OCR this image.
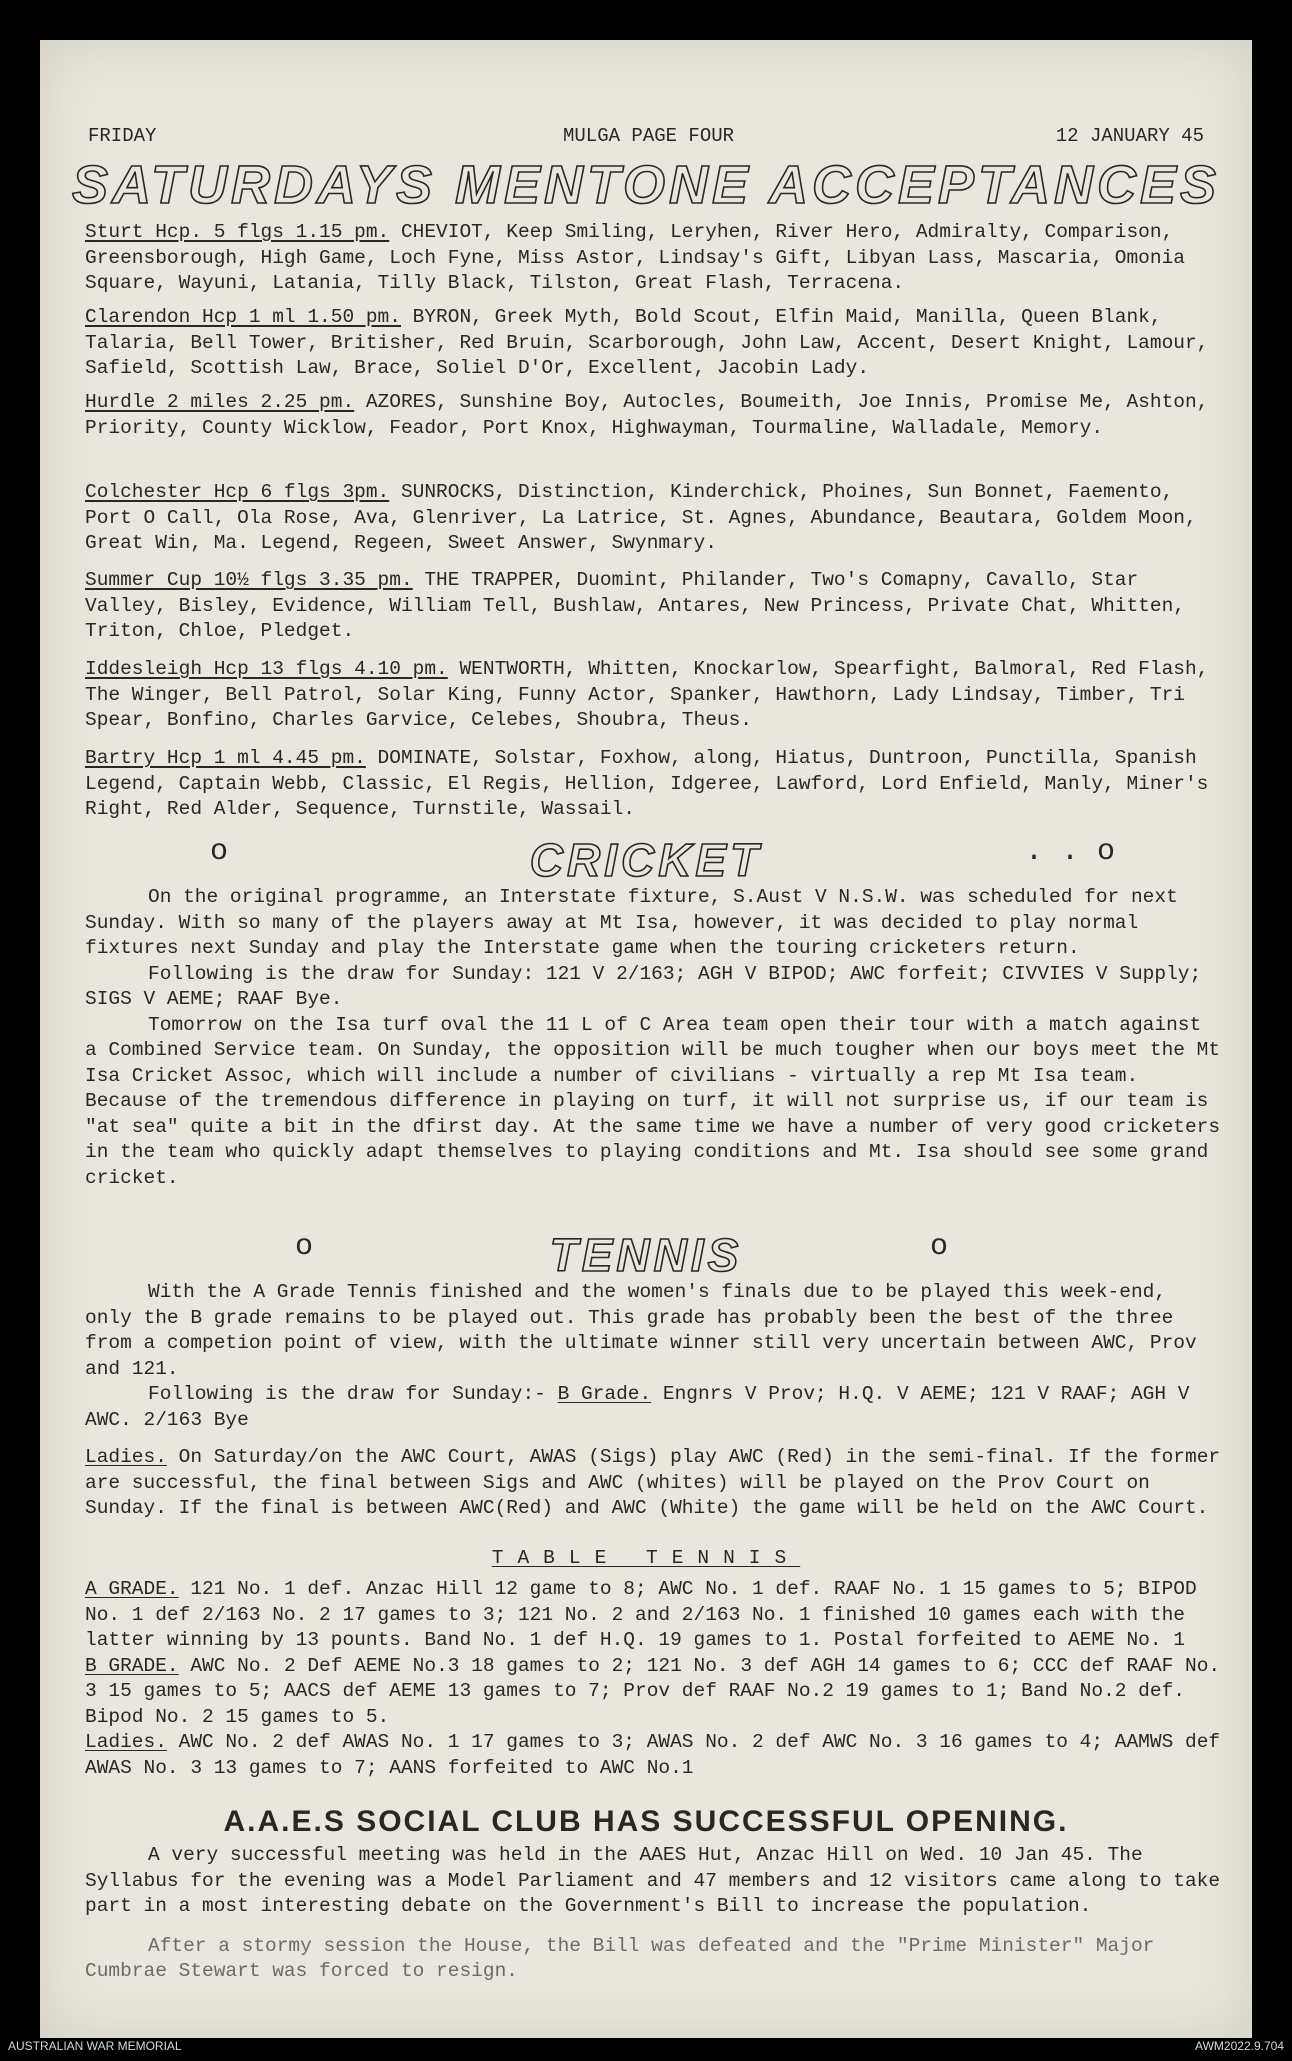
FRIDAY	MULGA PAGE FOUR	12 JANUARY 45
SATURDAYS MENTONE ACCEPTANCES
Sturt Hcp. 5 flgs 1.15 pm. CHEVIOT, Keep Smiling, Leryhen, River Hero, Admiralty, Comparison, Greensborough, High Game, Loch Fyne, Miss Astor, Lindsay's Gift, Libyan Lass, Mascaria, Omonia Square, Wayuni, Latania, Tilly Black, Tilston, Great Flash, Terracena.
Clarendon Hcp 1 ml 1.50 pm. BYRON, Greek Myth, Bold Scout, Elfin Maid, Manilla, Queen Blank, Talaria, Bell Tower, Britisher, Red Bruin, Scarborough, John Law, Accent, Desert Knight, Lamour, Safield, Scottish Law, Brace, Soliel D'Or, Excellent, Jacobin Lady.
Hurdle 2 miles 2.25 pm. AZORES, Sunshine Boy, Autocles, Boumeith, Joe Innis, Promise Me, Ashton, Priority, County Wicklow, Feador, Port Knox, Highwayman, Tourmaline, Walladale, Memory.
Colchester Hcp 6 flgs 3pm. SUNROCKS, Distinction, Kinderchick, Phoines, Sun Bonnet, Faemento, Port O Call, Ola Rose, Ava, Glenriver, La Latrice, St. Agnes, Abundance, Beautara, Goldem Moon, Great Win, Ma. Legend, Regeen, Sweet Answer, Swynmary.
Summer Cup 10½ flgs 3.35 pm. THE TRAPPER, Duomint, Philander, Two's Comapny, Cavallo, Star Valley, Bisley, Evidence, William Tell, Bushlaw, Antares, New Princess, Private Chat, Whitten, Triton, Chloe, Pledget.
Iddesleigh Hcp 13 flgs 4.10 pm. WENTWORTH, Whitten, Knockarlow, Spearfight, Balmoral, Red Flash, The Winger, Bell Patrol, Solar King, Funny Actor, Spanker, Hawthorn, Lady Lindsay, Timber, Tri Spear, Bonfino, Charles Garvice, Celebes, Shoubra, Theus.
Bartry Hcp 1 ml 4.45 pm. DOMINATE, Solstar, Foxhow, along, Hiatus, Duntroon, Punctilla, Spanish Legend, Captain Webb, Classic, El Regis, Hellion, Idgeree, Lawford, Lord Enfield, Manly, Miner's Right, Red Alder, Sequence, Turnstile, Wassail.
o	CRICKET	. . o

On the original programme, an Interstate fixture, S.Aust V N.S.W. was scheduled for next Sunday. With so many of the players away at Mt Isa, however, it was decided to play normal fixtures next Sunday and play the Interstate game when the touring cricketers return.

Following is the draw for Sunday: 121 V 2/163; AGH V BIPOD; AWC forfeit; CIVVIES V Supply; SIGS V AEME; RAAF Bye.

Tomorrow on the Isa turf oval the 11 L of C Area team open their tour with a match against a Combined Service team. On Sunday, the opposition will be much tougher when our boys meet the Mt Isa Cricket Assoc, which will include a number of civilians - virtually a rep Mt Isa team. Because of the tremendous difference in playing on turf, it will not surprise us, if our team is "at sea" quite a bit in the dfirst day. At the same time we have a number of very good cricketers in the team who quickly adapt themselves to playing conditions and Mt. Isa should see some grand cricket.

o	TENNIS	o

With the A Grade Tennis finished and the women's finals due to be played this week-end, only the B grade remains to be played out. This grade has probably been the best of the three from a competion point of view, with the ultimate winner still very uncertain between AWC, Prov and 121.

Following is the draw for Sunday:- B Grade. Engnrs V Prov; H.Q. V AEME; 121 V RAAF; AGH V AWC. 2/163 Bye

Ladies. On Saturday/on the AWC Court, AWAS (Sigs) play AWC (Red) in the semi-final. If the former are successful, the final between Sigs and AWC (whites) will be played on the Prov Court on Sunday. If the final is between AWC(Red) and AWC (White) the game will be held on the AWC Court.

TABLE TENNIS

A GRADE. 121 No. 1 def. Anzac Hill 12 game to 8; AWC No. 1 def. RAAF No. 1 15 games to 5; BIPOD No. 1 def 2/163 No. 2 17 games to 3; 121 No. 2 and 2/163 No. 1 finished 10 games each with the latter winning by 13 pounts. Band No. 1 def H.Q. 19 games to 1. Postal forfeited to AEME No. 1

B GRADE. AWC No. 2 Def AEME No.3 18 games to 2; 121 No. 3 def AGH 14 games to 6; CCC def RAAF No. 3 15 games to 5; AACS def AEME 13 games to 7; Prov def RAAF No.2 19 games to 1; Band No.2 def. Bipod No. 2 15 games to 5.

Ladies. AWC No. 2 def AWAS No. 1 17 games to 3; AWAS No. 2 def AWC No. 3 16 games to 4; AAMWS def AWAS No. 3 13 games to 7; AANS forfeited to AWC No.1

A.A.E.S SOCIAL CLUB HAS SUCCESSFUL OPENING.

A very successful meeting was held in the AAES Hut, Anzac Hill on Wed. 10 Jan 45. The Syllabus for the evening was a Model Parliament and 47 members and 12 visitors came along to take part in a most interesting debate on the Government's Bill to increase the population.

After a stormy session the House, the Bill was defeated and the "Prime Minister" Major Cumbrae Stewart was forced to resign.

AUSTRALIAN WAR MEMORIAL	AWM2022.9.704
